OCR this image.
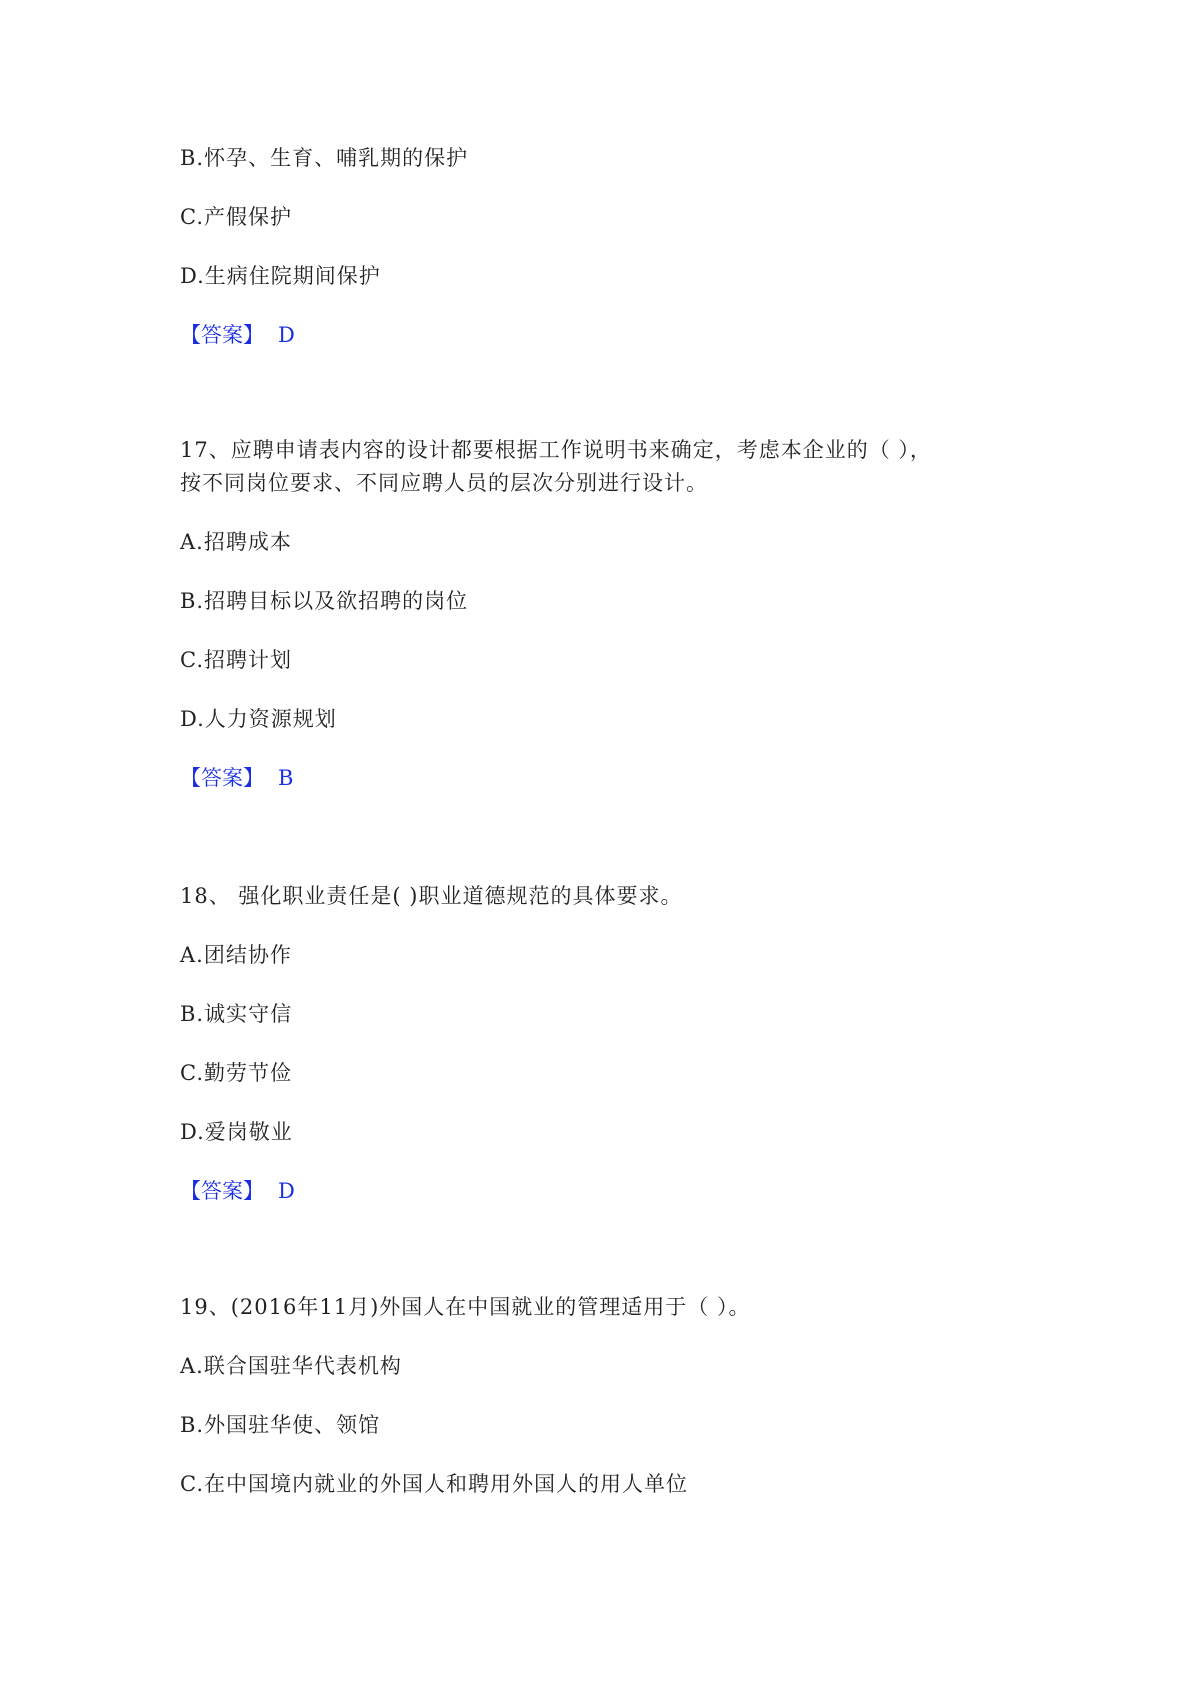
B.怀孕、生育、哺乳期的保护
C.产假保护
D.生病住院期间保护
【答案】 D
17、应聘申请表内容的设计都要根据工作说明书来确定，考虑本企业的（ ），
按不同岗位要求、不同应聘人员的层次分别进行设计。
A.招聘成本
B.招聘目标以及欲招聘的岗位
C.招聘计划
D.人力资源规划
【答案】 B
18、 强化职业责任是( )职业道德规范的具体要求。
A.团结协作
B.诚实守信
C.勤劳节俭
D.爱岗敬业
【答案】 D
19、(2016年11月)外国人在中国就业的管理适用于（ ）。
A.联合国驻华代表机构
B.外国驻华使、领馆
C.在中国境内就业的外国人和聘用外国人的用人单位
